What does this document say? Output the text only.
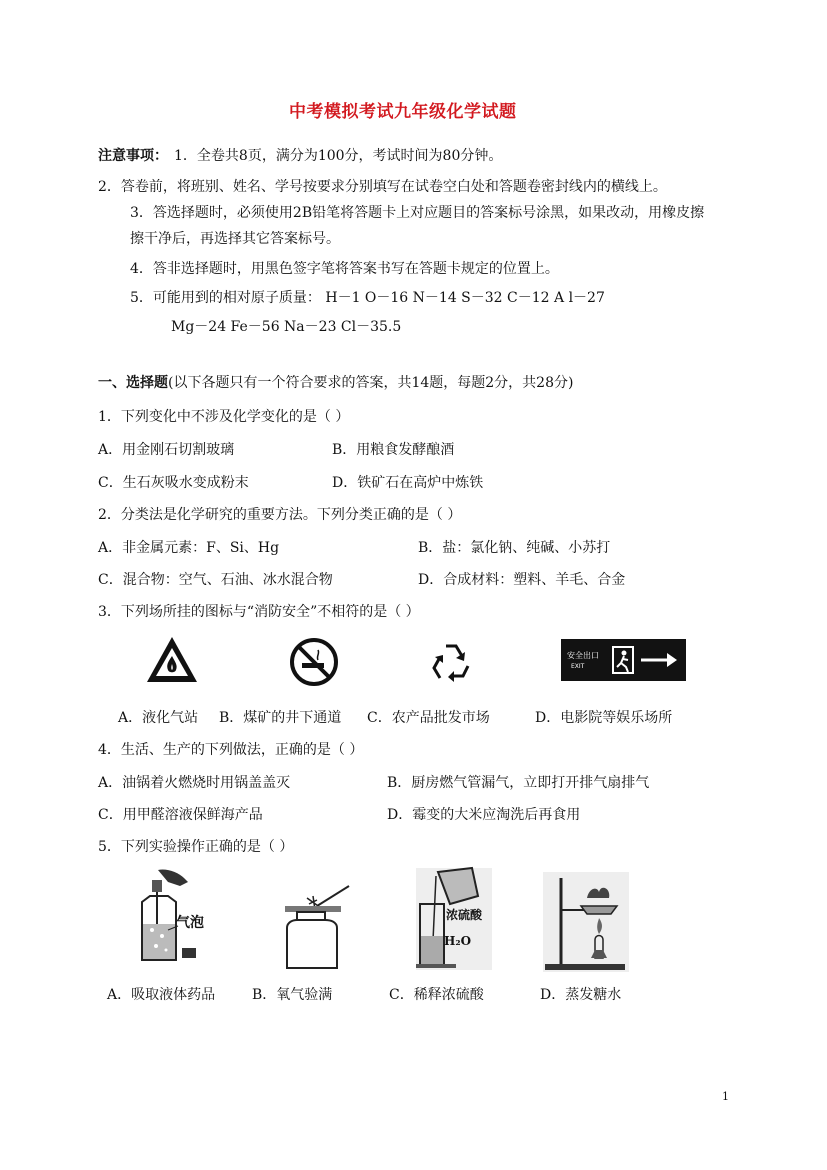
中考模拟考试九年级化学试题
注意事项： 1．全卷共8页，满分为100分，考试时间为80分钟。
2．答卷前，将班别、姓名、学号按要求分别填写在试卷空白处和答题卷密封线内的横线上。
3．答选择题时，必须使用2B铅笔将答题卡上对应题目的答案标号涂黑，如果改动，用橡皮擦
擦干净后，再选择其它答案标号。
4．答非选择题时，用黑色签字笔将答案书写在答题卡规定的位置上。
5．可能用到的相对原子质量： H－1 O－16 N－14 S－32 C－12 A l－27
Mg－24 Fe－56 Na－23 Cl－35.5
一、选择题(以下各题只有一个符合要求的答案，共14题，每题2分，共28分)
1．下列变化中不涉及化学变化的是（ ）
A．用金刚石切割玻璃	B．用粮食发酵酿酒
C．生石灰吸水变成粉末	D．铁矿石在高炉中炼铁
2．分类法是化学研究的重要方法。下列分类正确的是（ ）
A．非金属元素：F、Si、Hg	B．盐：氯化钠、纯碱、小苏打
C．混合物：空气、石油、冰水混合物	D．合成材料：塑料、羊毛、合金
3．下列场所挂的图标与“消防安全”不相符的是（ ）
安全出口
EXIT
A．液化气站 B．煤矿的井下通道 C．农产品批发市场	D．电影院等娱乐场所
4．生活、生产的下列做法，正确的是（ ）
A．油锅着火燃烧时用锅盖盖灭	B．厨房燃气管漏气，立即打开排气扇排气
C．用甲醛溶液保鲜海产品	D．霉变的大米应淘洗后再食用
5．下列实验操作正确的是（ ）
气泡	浓硫酸
H₂O
A．吸取液体药品	B．氧气验满	C．稀释浓硫酸	D．蒸发糖水
1
